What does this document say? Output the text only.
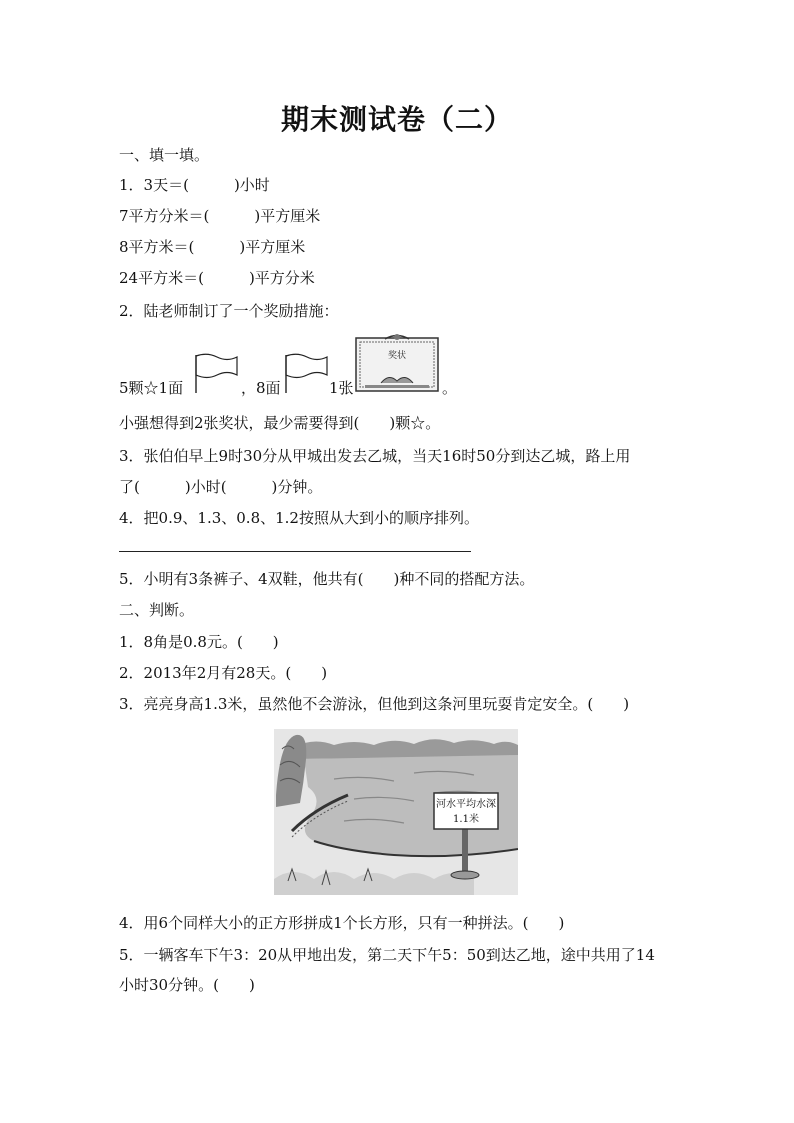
期末测试卷（二）
一、填一填。
1．3天＝(　　　)小时
7平方分米＝(　　　)平方厘米
8平方米＝(　　　)平方厘米
24平方米＝(　　　)平方分米
2．陆老师制订了一个奖励措施：
5颗☆1面	，8面	1张
奖状
。
小强想得到2张奖状，最少需要得到(　　)颗☆。
3．张伯伯早上9时30分从甲城出发去乙城，当天16时50分到达乙城，路上用
了(　　　)小时(　　　)分钟。
4．把0.9、1.3、0.8、1.2按照从大到小的顺序排列。
5．小明有3条裤子、4双鞋，他共有(　　)种不同的搭配方法。
二、判断。
1．8角是0.8元。(　　)
2．2013年2月有28天。(　　)
3．亮亮身高1.3米，虽然他不会游泳，但他到这条河里玩耍肯定安全。(　　)
河水平均水深
1.1米
4．用6个同样大小的正方形拼成1个长方形，只有一种拼法。(　　)
5．一辆客车下午3：20从甲地出发，第二天下午5：50到达乙地，途中共用了14
小时30分钟。(　　)
